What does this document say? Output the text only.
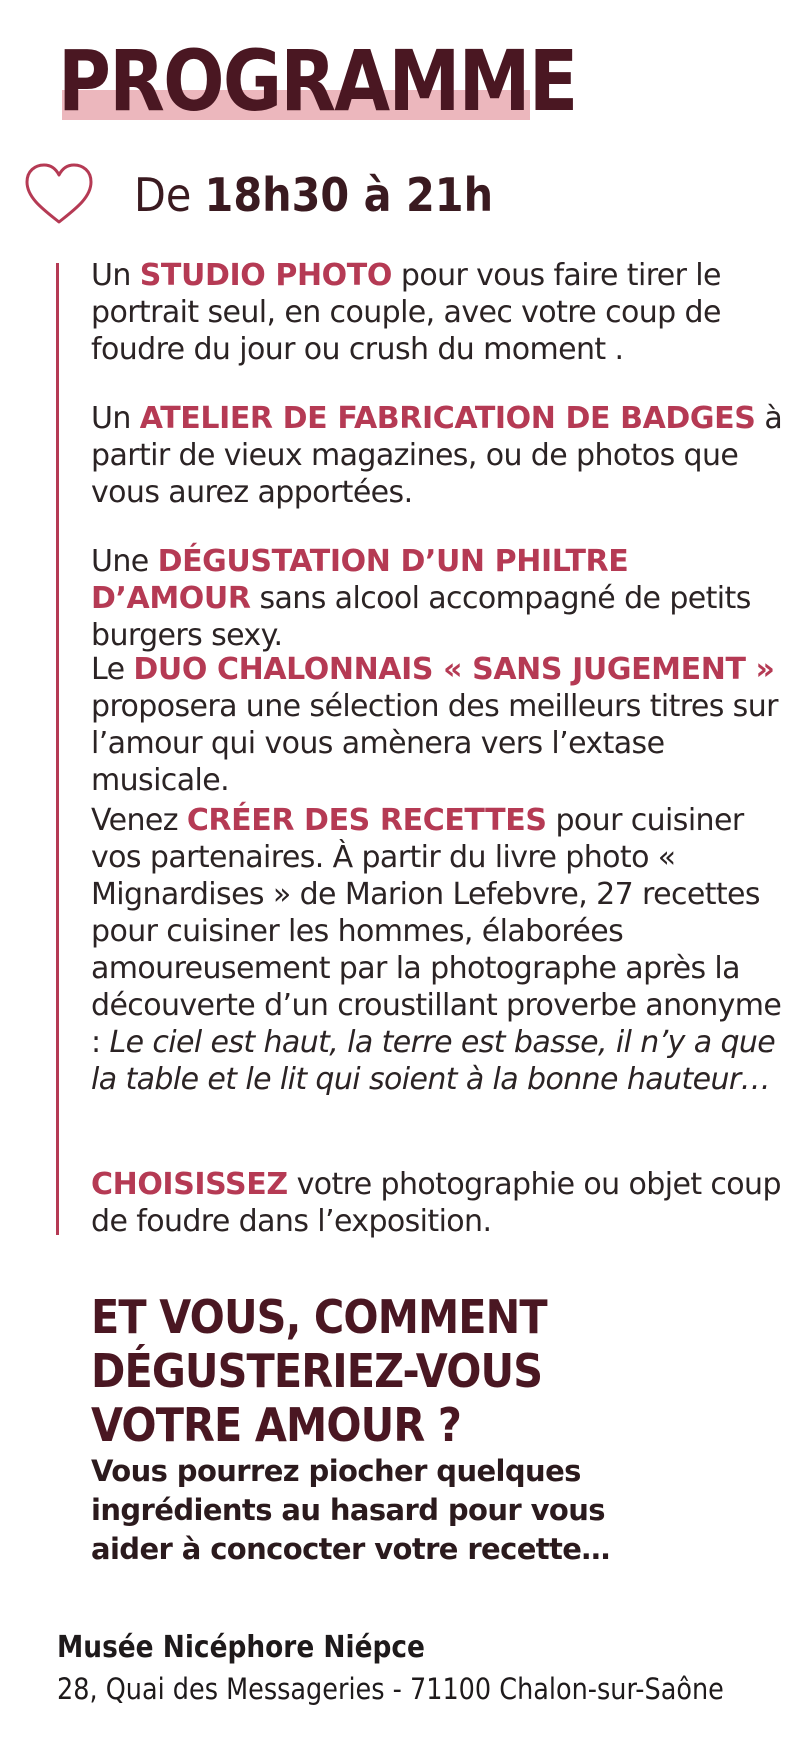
PROGRAMME
De 18h30 à 21h

Un STUDIO PHOTO pour vous faire tirer le portrait seul, en couple, avec votre coup de foudre du jour ou crush du moment .

Un ATELIER DE FABRICATION DE BADGES à partir de vieux magazines, ou de photos que vous aurez apportées.

Une DÉGUSTATION D’UN PHILTRE D’AMOUR sans alcool accompagné de petits burgers sexy.

Le DUO CHALONNAIS « SANS JUGEMENT » proposera une sélection des meilleurs titres sur l’amour qui vous amènera vers l’extase musicale.

Venez CRÉER DES RECETTES pour cuisiner vos partenaires. À partir du livre photo « Mignardises » de Marion Lefebvre, 27 recettes pour cuisiner les hommes, élaborées amoureusement par la photographe après la découverte d’un croustillant proverbe anonyme : Le ciel est haut, la terre est basse, il n’y a que la table et le lit qui soient à la bonne hauteur…

CHOISISSEZ votre photographie ou objet coup de foudre dans l’exposition.

ET VOUS, COMMENT DÉGUSTERIEZ-VOUS VOTRE AMOUR ?

Vous pourrez piocher quelques ingrédients au hasard pour vous aider à concocter votre recette…

Musée Nicéphore Niépce

28, Quai des Messageries - 71100 Chalon-sur-Saône
